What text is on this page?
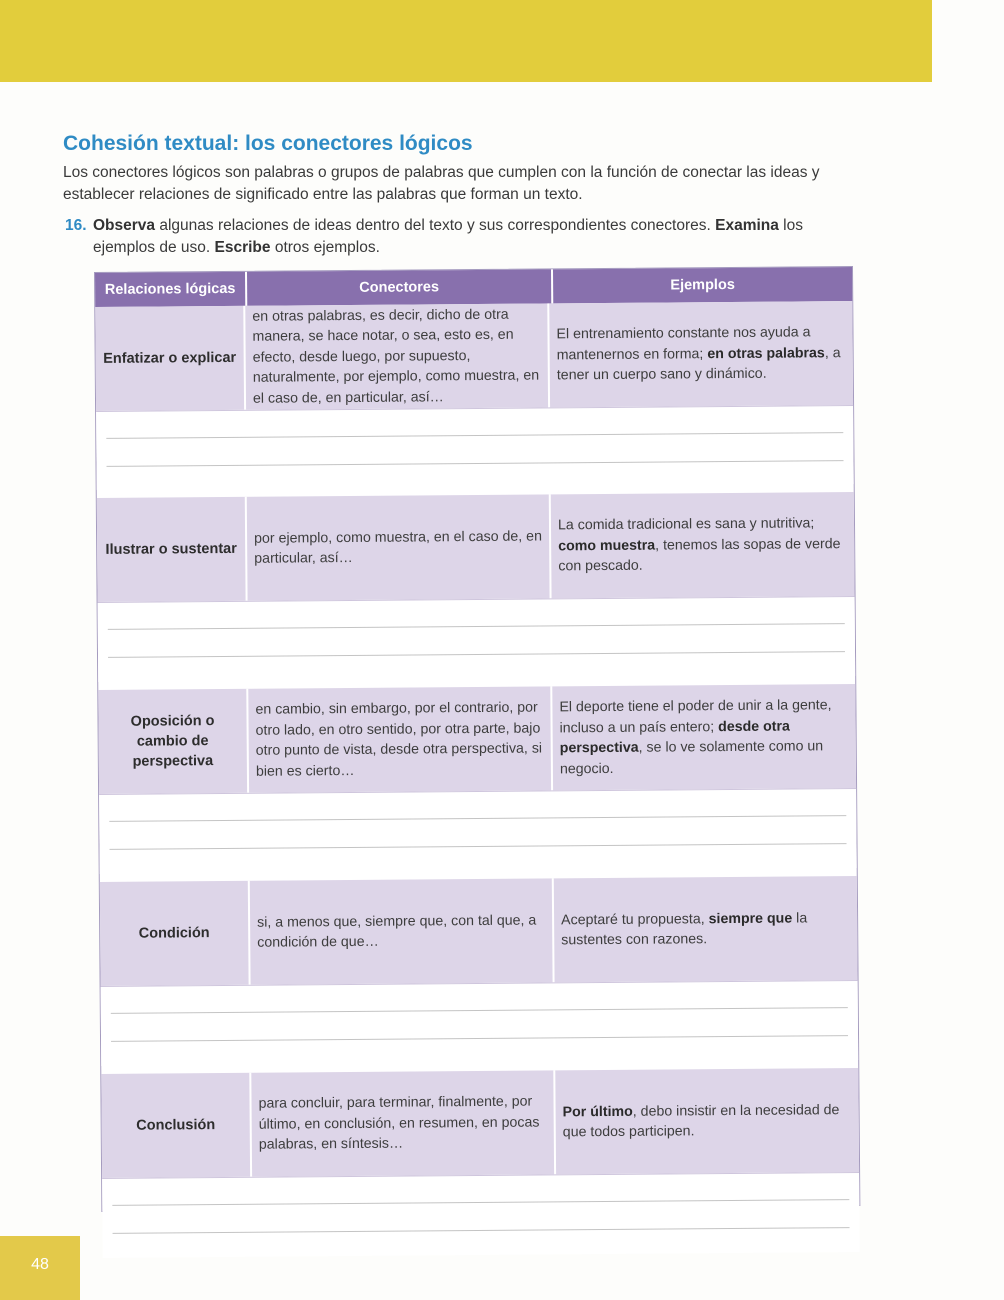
Cohesión textual: los conectores lógicos

Los conectores lógicos son palabras o grupos de palabras que cumplen con la función de conectar las ideas y establecer relaciones de significado entre las palabras que forman un texto.

16. Observa algunas relaciones de ideas dentro del texto y sus correspondientes conectores. Examina los ejemplos de uso. Escribe otros ejemplos.

Relaciones lógicas	Conectores	Ejemplos
Enfatizar o explicar
en otras palabras, es decir, dicho de otra manera, se hace notar, o sea, esto es, en efecto, desde luego, por supuesto, naturalmente, por ejemplo, como muestra, en el caso de, en particular, así…
El entrenamiento constante nos ayuda a mantenernos en forma; en otras palabras, a tener un cuerpo sano y dinámico.
Ilustrar o sustentar
por ejemplo, como muestra, en el caso de, en particular, así…
La comida tradicional es sana y nutritiva; como muestra, tenemos las sopas de verde con pescado.
Oposición o cambio de perspectiva
en cambio, sin embargo, por el contrario, por otro lado, en otro sentido, por otra parte, bajo otro punto de vista, desde otra perspectiva, si bien es cierto…
El deporte tiene el poder de unir a la gente, incluso a un país entero; desde otra perspectiva, se lo ve solamente como un negocio.
Condición
si, a menos que, siempre que, con tal que, a condición de que…
Aceptaré tu propuesta, siempre que la sustentes con razones.
Conclusión
para concluir, para terminar, finalmente, por último, en conclusión, en resumen, en pocas palabras, en síntesis…
Por último, debo insistir en la necesidad de que todos participen.
48
